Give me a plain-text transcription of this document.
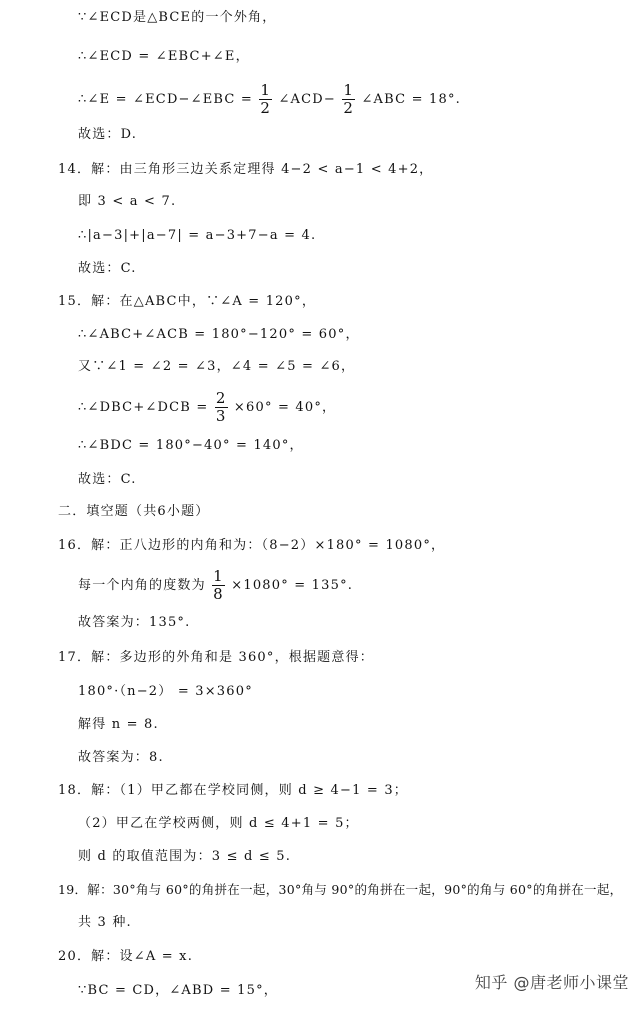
∵∠ECD是△BCE的一个外角，
∴∠ECD = ∠EBC+∠E，
∴∠E = ∠ECD−∠EBC = $\frac{1}{2}$ ∠ACD− $\frac{1}{2}$ ∠ABC = 18°.
故选：D.
14．解：由三角形三边关系定理得 4−2 < a−1 < 4+2，
即 3 < a < 7.
∴|a−3|+|a−7| = a−3+7−a = 4.
故选：C.
15．解：在△ABC中，∵∠A = 120°，
∴∠ABC+∠ACB = 180°−120° = 60°，
又∵∠1 = ∠2 = ∠3，∠4 = ∠5 = ∠6，
∴∠DBC+∠DCB = $\frac{2}{3} \times 60^\circ = 40^\circ$，
∴∠BDC = 180°−40° = 140°，
故选：C.
二．填空题（共6小题）
16．解：正八边形的内角和为：（8−2）×180° = 1080°，
每一个内角的度数为 $\frac{1}{8} \times 1080^\circ = 135^\circ$.
故答案为：135°.
17．解：多边形的外角和是 360°，根据题意得：
180°·（n−2） = 3×360°
解得 n = 8.
故答案为：8.
18．解：（1）甲乙都在学校同侧，则 d ≥ 4−1 = 3；
（2）甲乙在学校两侧，则 d ≤ 4+1 = 5；
则 d 的取值范围为：3 ≤ d ≤ 5.
19．解：30°角与 60°的角拼在一起，30°角与 90°的角拼在一起，90°的角与 60°的角拼在一起，
共 3 种.
20．解：设∠A = x.
∵BC = CD，∠ABD = 15°，	知乎 @唐老师小课堂
